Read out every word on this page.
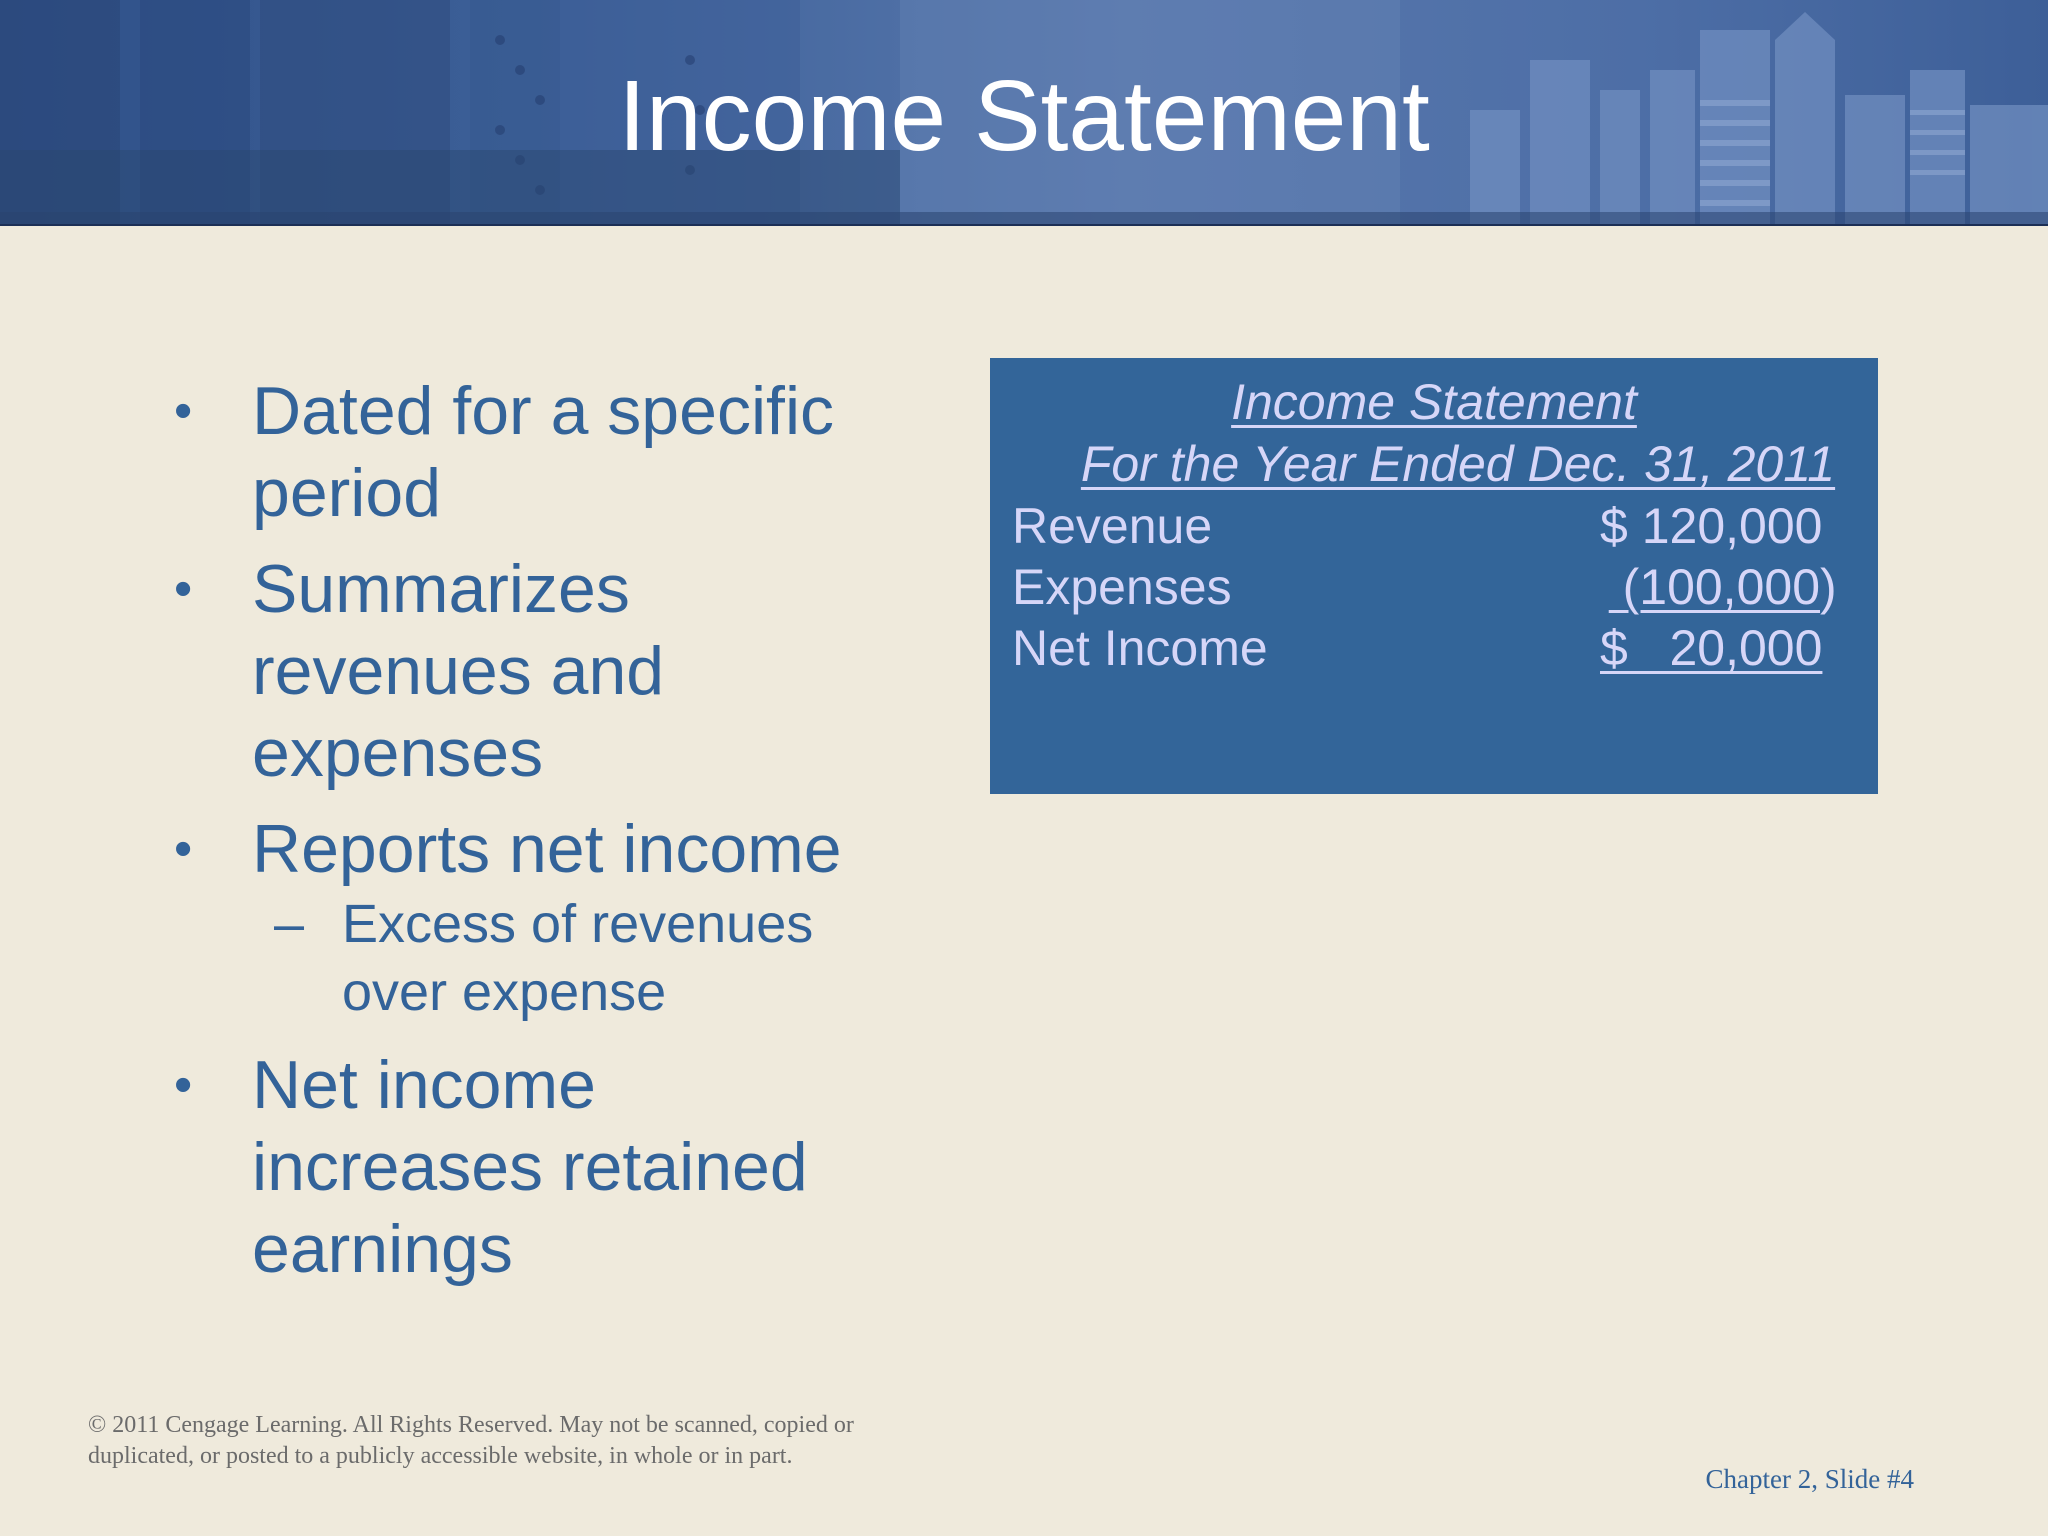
Income Statement
• Dated for a specific
period
• Summarizes
revenues and
expenses
• Reports net income
– Excess of revenues
over expense
• Net income
increases retained
earnings
Income Statement
For the Year Ended Dec. 31, 2011
Revenue	$ 120,000
Expenses	(100,000 )
Net Income	$   20,000
© 2011 Cengage Learning. All Rights Reserved. May not be scanned, copied or
duplicated, or posted to a publicly accessible website, in whole or in part.
Chapter 2, Slide #4
